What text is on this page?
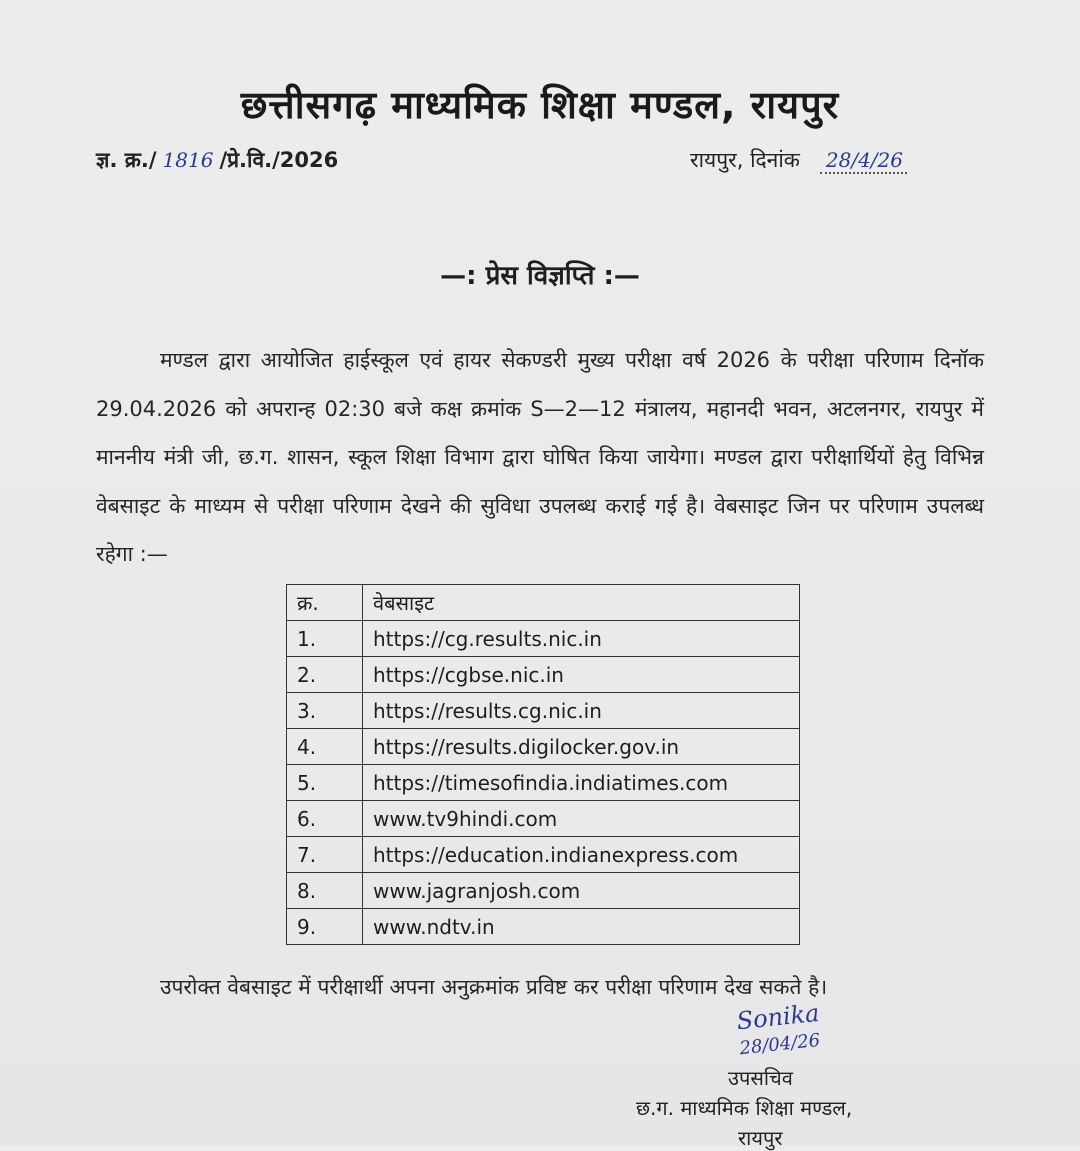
छत्तीसगढ़ माध्यमिक शिक्षा मण्डल, रायपुर
ज्ञ. क्र./ 1816 /प्रे.वि./2026	रायपुर, दिनांक 28/4/26
—: प्रेस विज्ञप्ति :—
मण्डल द्वारा आयोजित हाईस्कूल एवं हायर सेकण्डरी मुख्य परीक्षा वर्ष 2026 के परीक्षा परिणाम दिनॉक 29.04.2026 को अपरान्ह 02:30 बजे कक्ष क्रमांक S—2—12 मंत्रालय, महानदी भवन, अटलनगर, रायपुर में माननीय मंत्री जी, छ.ग. शासन, स्कूल शिक्षा विभाग द्वारा घोषित किया जायेगा। मण्डल द्वारा परीक्षार्थियों हेतु विभिन्न वेबसाइट के माध्यम से परीक्षा परिणाम देखने की सुविधा उपलब्ध कराई गई है। वेबसाइट जिन पर परिणाम उपलब्ध रहेगा :—
क्र.	वेबसाइट
1.	https://cg.results.nic.in
2.	https://cgbse.nic.in
3.	https://results.cg.nic.in
4.	https://results.digilocker.gov.in
5.	https://timesofindia.indiatimes.com
6.	www.tv9hindi.com
7.	https://education.indianexpress.com
8.	www.jagranjosh.com
9.	www.ndtv.in
उपरोक्त वेबसाइट में परीक्षार्थी अपना अनुक्रमांक प्रविष्ट कर परीक्षा परिणाम देख सकते है।
Sonika
28/04/26
उपसचिव
छ.ग. माध्यमिक शिक्षा मण्डल,
रायपुर
